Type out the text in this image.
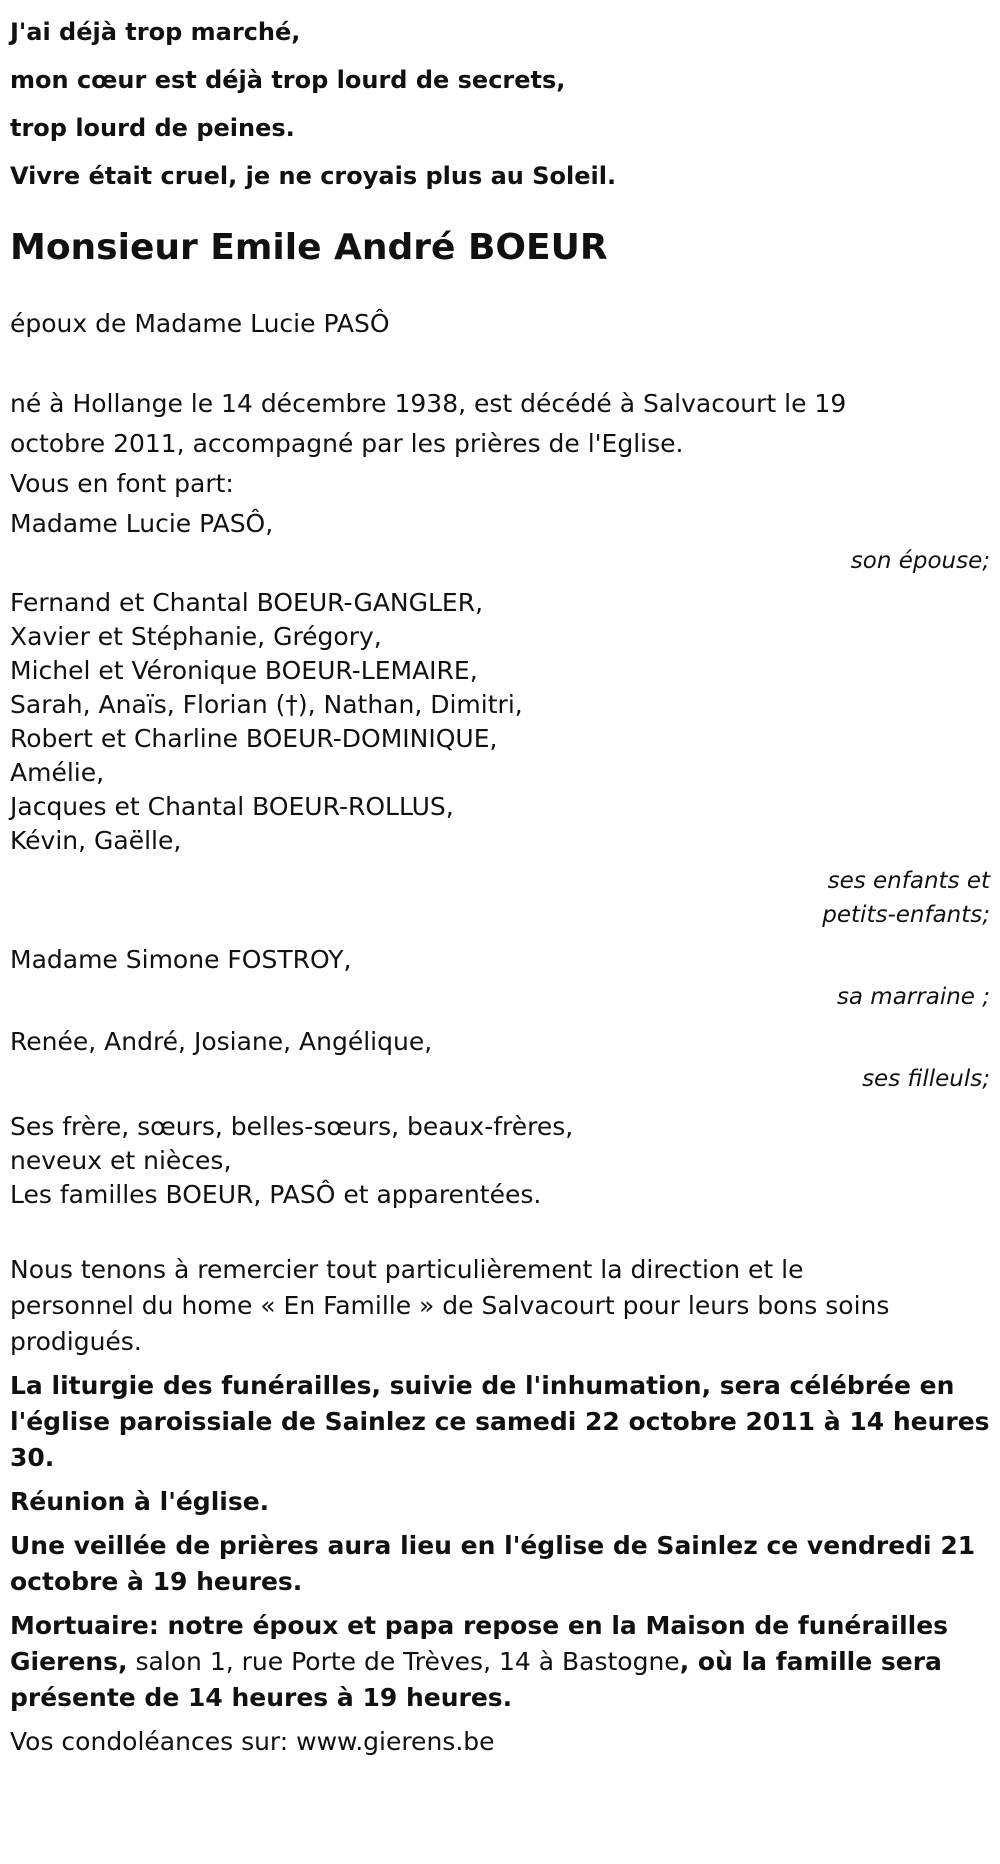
J'ai déjà trop marché,
mon cœur est déjà trop lourd de secrets,
trop lourd de peines.
Vivre était cruel, je ne croyais plus au Soleil.
Monsieur Emile André BOEUR
époux de Madame Lucie PASÔ
né à Hollange le 14 décembre 1938, est décédé à Salvacourt le 19
octobre 2011, accompagné par les prières de l'Eglise.
Vous en font part:
Madame Lucie PASÔ,
son épouse;
Fernand et Chantal BOEUR-GANGLER,
Xavier et Stéphanie, Grégory,
Michel et Véronique BOEUR-LEMAIRE,
Sarah, Anaïs, Florian (†), Nathan, Dimitri,
Robert et Charline BOEUR-DOMINIQUE,
Amélie,
Jacques et Chantal BOEUR-ROLLUS,
Kévin, Gaëlle,
ses enfants et
petits-enfants;
Madame Simone FOSTROY,
sa marraine ;
Renée, André, Josiane, Angélique,
ses filleuls;
Ses frère, sœurs, belles-sœurs, beaux-frères,
neveux et nièces,
Les familles BOEUR, PASÔ et apparentées.
Nous tenons à remercier tout particulièrement la direction et le
personnel du home « En Famille » de Salvacourt pour leurs bons soins
prodigués.
La liturgie des funérailles, suivie de l'inhumation, sera célébrée en
l'église paroissiale de Sainlez ce samedi 22 octobre 2011 à 14 heures
30.
Réunion à l'église.
Une veillée de prières aura lieu en l'église de Sainlez ce vendredi 21
octobre à 19 heures.
Mortuaire: notre époux et papa repose en la Maison de funérailles
Gierens, salon 1, rue Porte de Trèves, 14 à Bastogne, où la famille sera
présente de 14 heures à 19 heures.
Vos condoléances sur: www.gierens.be
